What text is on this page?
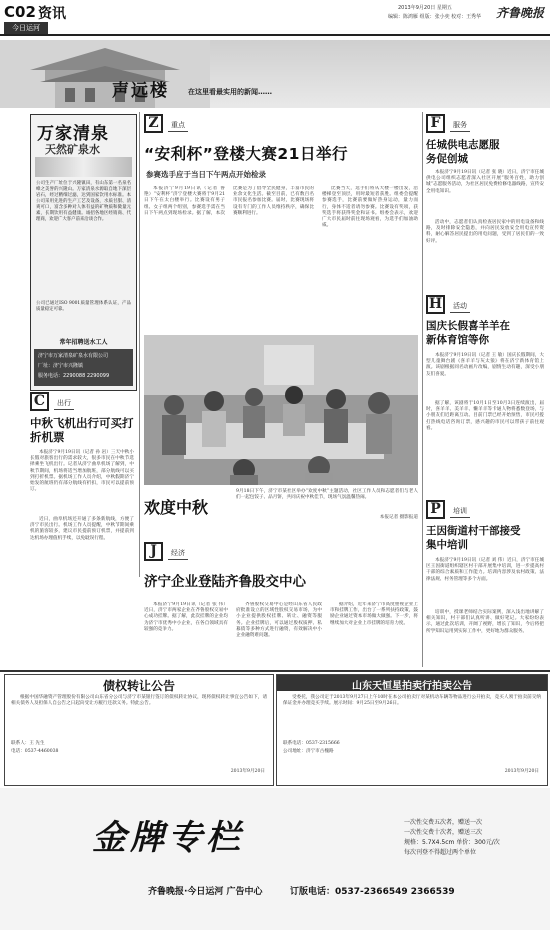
C02 资讯
今日运河
2013年9月20日 星期五
编辑：陈鸿雁 组版：张小奕 校对：王秀华 齐鲁晚报
声远楼	在这里看最实用的新闻……
万家清泉
天然矿泉水
公司生产厂址位于兴隆镇田，有山东第一名泉名峰之美誉的兴隆山。万家清泉水源取自地下深层岩石，经过精细过滤，达到国家饮用水标准。本公司采用先进的生产工艺及设备，水质甘甜、清爽可口，富含多种对人体有益的矿物质和微量元素，长期饮用有益健康。诚招各地区经销商、代理商，欢迎广大客户前来洽谈合作。
公司已通过ISO 9001质量管理体系认证，产品质量稳定可靠。
常年招聘送水工人
济宁市万家清泉矿泉水有限公司
厂址：济宁市兴隆镇
服务电话：2290088 2290099
C	出行
中秋飞机出行可买打折机票
本报济宁9月19日讯（记者 孙 岩）三天中秋小长假对旅客出行的需求较大，很多市民在中秋节选择乘坐飞机出行。记者从济宁曲阜机场了解到，中秋节期间，机场将适当增加航班，部分航线可以买到打折机票。据机场工作人员介绍，中秋假期济宁始发的航班仍有部分航线有折扣，市民可以提前预订。
近日，曲阜机场还开通了多条新航线，方便了济宁市民出行。机场工作人员提醒，中秋节期间乘机的旅客较多，建议市民提前预订机票，并提前到达机场办理值机手续，以免耽误行程。
Z	重点
“安利杯”登楼大赛21日举行
参赛选手应于当日下午两点开始检录
本报济宁9月19日讯（记者 鲁 艳）“安利杯”济宁登楼大赛将于9月21日下午在太白楼举行。比赛设有男子组、女子组两个组别，参赛选手需在当日下午两点到现场检录。据了解，本次比赛是为了倡导全民健身，丰富市民的业余文化生活。截至目前，已有数百名市民报名参加比赛。届时，比赛现场将设有专门的工作人员维持秩序，确保比赛顺利进行。
比赛当天，选手们将从大楼一楼出发，沿楼梯登至顶层，用时最短者获胜。组委会提醒参赛选手，比赛前要做好热身运动，量力而行，身体不适者请勿参赛。比赛设有奖项，获奖选手将获得奖金和证书。组委会表示，欢迎广大市民届时前往现场观看，为选手们加油助威。
欢度中秋
9月18日下午，济宁市某社区举办“欢度中秋”主题活动，社区工作人员和志愿者们与老人们一起包饺子、品月饼，共同庆祝中秋佳节，现场气氛温馨热闹。
本报记者 摄影报道
J	经济
济宁企业登陆齐鲁股交中心
本报济宁9月19日讯（记者 张 伟）近日，济宁市两家企业在齐鲁股权交易中心成功挂牌。据了解，此次挂牌的企业均为济宁市优秀中小企业，在各自领域具有较强的竞争力。
齐鲁股权交易中心是经山东省人民政府批准设立的区域性股权交易市场，为中小企业提供股权挂牌、转让、融资等服务。企业挂牌后，可以通过股权质押、私募债等多种方式进行融资，有效解决中小企业融资难问题。
据介绍，近年来济宁市高度重视企业上市和挂牌工作，出台了一系列扶持政策，鼓励企业通过资本市场做大做强。下一步，将继续加大对企业上市挂牌的培育力度。
F	服务
任城供电志愿服务促创城
本报济宁9月19日讯（记者 张 晓）近日，济宁市任城供电公司组织志愿者深入社区开展“服务百姓，助力创城”志愿服务活动，为社区居民免费检修电器线路，宣传安全用电知识。
活动中，志愿者们认真检查居民家中的用电设备和线路，及时排除安全隐患，并向居民发放安全用电宣传资料，耐心解答居民提出的用电问题，受到了居民们的一致好评。
H	活动
国庆长假喜羊羊在新体育馆等你
本报济宁9月19日讯（记者 王 敏）国庆长假期间，大型儿童舞台剧《喜羊羊与灰太狼》将在济宁新体育馆上演。该剧根据同名动画片改编，剧情生动有趣，深受小朋友们喜爱。
据了解，该剧将于10月1日至10月3日连续演出，届时，喜羊羊、美羊羊、懒羊羊等卡通人物将悉数登场，与小朋友们近距离互动。目前门票已经开始预售，市民可拨打热线电话咨询订票，感兴趣的市民可以带孩子前往观看。
P	培训
王因街道村干部接受集中培训
本报济宁9月19日讯（记者 刘 伟）近日，济宁市任城区王因街道组织辖区村干部开展集中培训，进一步提高村干部的综合素质和工作能力。培训内容涉及农村政策、法律法规、村务管理等多个方面。
培训中，授课老师结合实际案例，深入浅出地讲解了相关知识，村干部们认真听讲、做好笔记。大家纷纷表示，通过此次培训，开阔了视野，增长了知识，今后将把所学知识运用到实际工作中，更好地为群众服务。
债权转让公告
根据中国华融资产管理股份有限公司山东省分公司与济宁市某银行签订的债权转让协议，现将债权转让事宜公告如下，请相关债务人及担保人自公告之日起向受让方履行还款义务。特此公告。
联系人：王 先生
电话：0537-4460038
2013年9月20日
山东天恒星拍卖行拍卖公告
受委托，我公司定于2013年9月27日上午10时在本公司拍卖厅对某机动车辆等物品进行公开拍卖，竞买人须于拍卖前交纳保证金并办理竞买手续。展示时间：9月25日至9月26日。
联系电话：0537-2315666
公司地址：济宁市古槐路
2013年9月20日
金牌专栏	一次性交费五次者，赠送一次
一次性交费十次者，赠送三次
规格：5.7X4.5cm 单价：300元/次
每次刊登不得超过两个单位
齐鲁晚报·今日运河 广告中心	订版电话：0537-2366549 2366539
